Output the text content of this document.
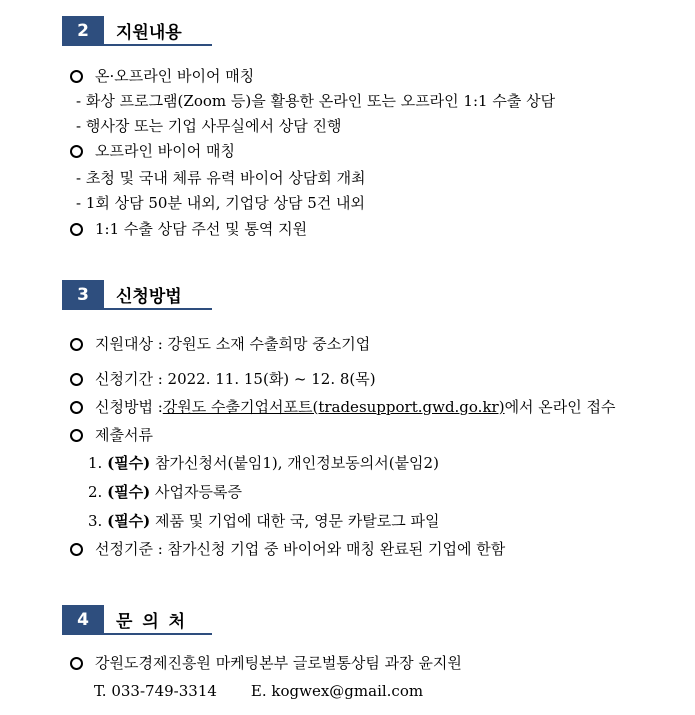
2	지원내용
온·오프라인 바이어 매칭
- 화상 프로그램(Zoom 등)을 활용한 온라인 또는 오프라인 1:1 수출 상담
- 행사장 또는 기업 사무실에서 상담 진행
오프라인 바이어 매칭
- 초청 및 국내 체류 유력 바이어 상담회 개최
- 1회 상담 50분 내외, 기업당 상담 5건 내외
1:1 수출 상담 주선 및 통역 지원
3	신청방법
지원대상 : 강원도 소재 수출희망 중소기업
신청기간 : 2022. 11. 15(화) ~ 12. 8(목)
신청방법 : 강원도 수출기업서포트(tradesupport.gwd.go.kr) 에서 온라인 접수
제출서류
1. (필수) 참가신청서(붙임1), 개인정보동의서(붙임2)
2. (필수) 사업자등록증
3. (필수) 제품 및 기업에 대한 국, 영문 카탈로그 파일
선정기준 : 참가신청 기업 중 바이어와 매칭 완료된 기업에 한함
4	문 의 처
강원도경제진흥원 마케팅본부 글로벌통상팀 과장 윤지원
T. 033-749-3314 E. kogwex@gmail.com
